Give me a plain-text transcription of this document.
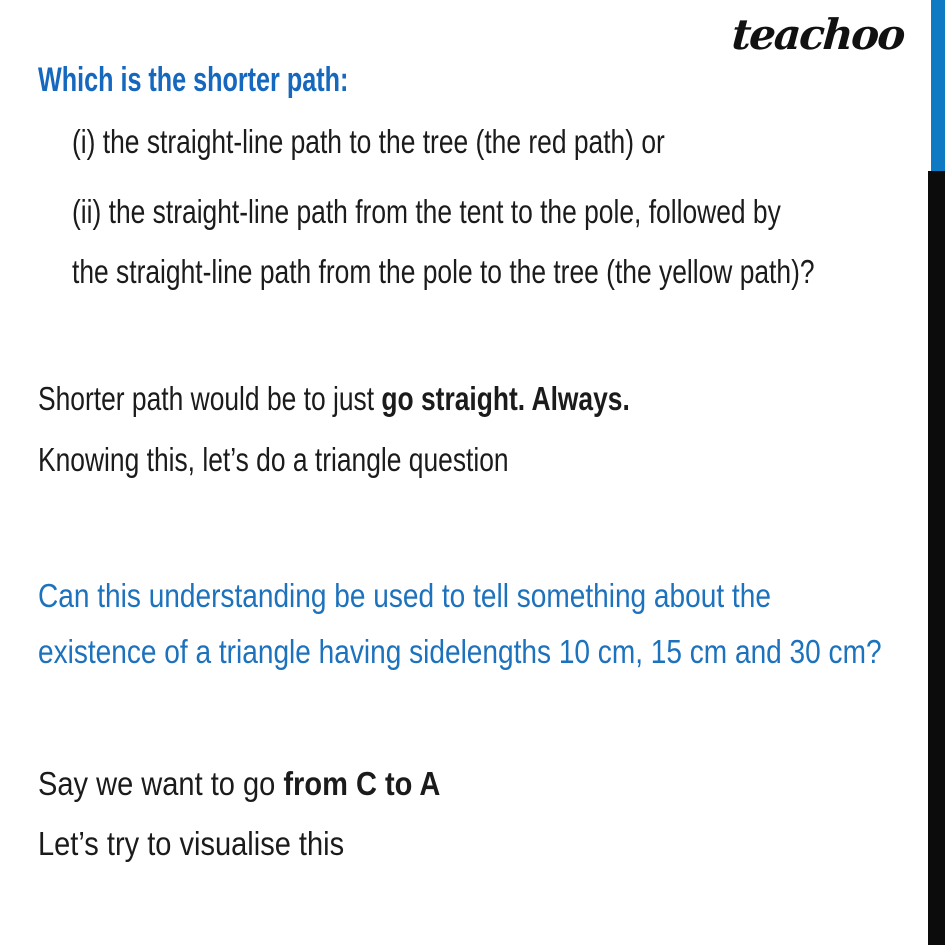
teachoo
Which is the shorter path:
(i) the straight-line path to the tree (the red path) or
(ii) the straight-line path from the tent to the pole, followed by
the straight-line path from the pole to the tree (the yellow path)?
Shorter path would be to just go straight. Always.
Knowing this, let’s do a triangle question
Can this understanding be used to tell something about the
existence of a triangle having sidelengths 10 cm, 15 cm and 30 cm?
Say we want to go from C to A
Let’s try to visualise this
